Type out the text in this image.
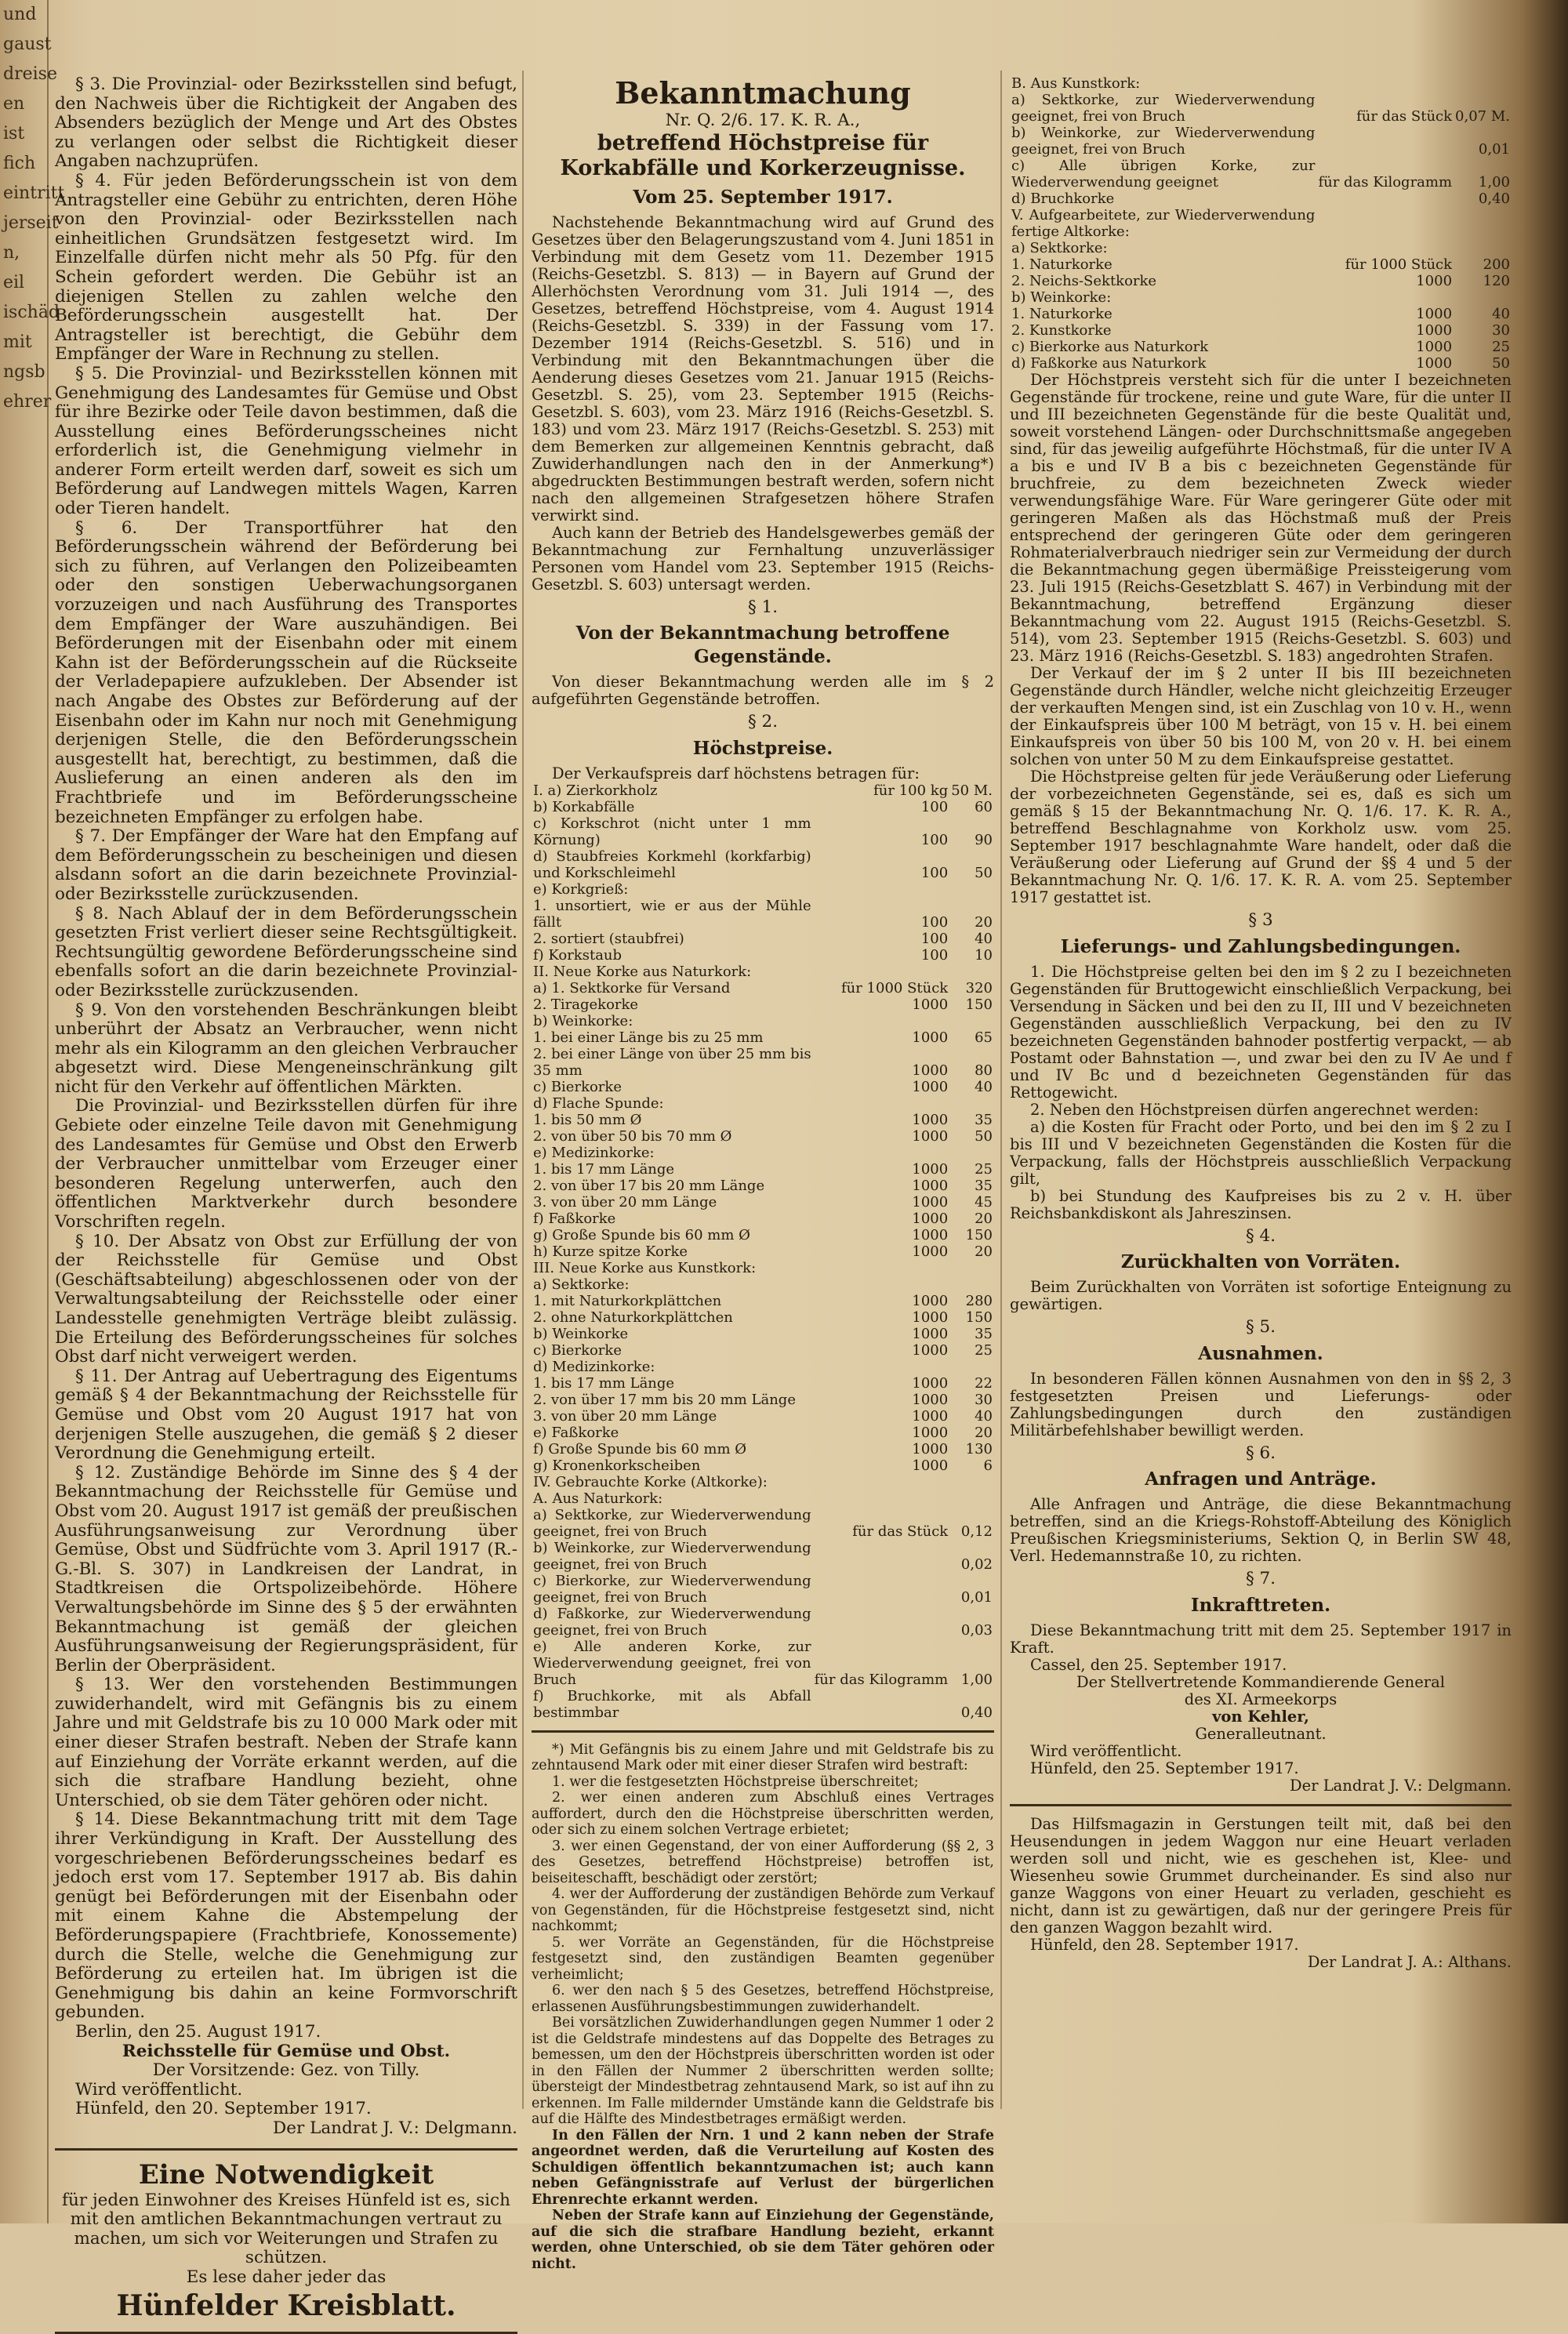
und
gaust
dreise
en ist
fich
eintritt
jerseit
n,
eil
ischäd
mit
ngsb
ehrer

§ 3. Die Provinzial- oder Bezirksstellen sind befugt, den Nachweis über die Richtigkeit der Angaben des Absenders bezüglich der Menge und Art des Obstes zu verlangen oder selbst die Richtigkeit dieser Angaben nachzuprüfen.

§ 4. Für jeden Beförderungsschein ist von dem Antragsteller eine Gebühr zu entrichten, deren Höhe von den Provinzial- oder Bezirksstellen nach einheitlichen Grundsätzen festgesetzt wird. Im Einzelfalle dürfen nicht mehr als 50 Pfg. für den Schein gefordert werden. Die Gebühr ist an diejenigen Stellen zu zahlen welche den Beförderungsschein ausgestellt hat. Der Antragsteller ist berechtigt, die Gebühr dem Empfänger der Ware in Rechnung zu stellen.

§ 5. Die Provinzial- und Bezirksstellen können mit Genehmigung des Landesamtes für Gemüse und Obst für ihre Bezirke oder Teile davon bestimmen, daß die Ausstellung eines Beförderungsscheines nicht erforderlich ist, die Genehmigung vielmehr in anderer Form erteilt werden darf, soweit es sich um Beförderung auf Landwegen mittels Wagen, Karren oder Tieren handelt.

§ 6. Der Transportführer hat den Beförderungsschein während der Beförderung bei sich zu führen, auf Verlangen den Polizeibeamten oder den sonstigen Ueberwachungsorganen vorzuzeigen und nach Ausführung des Transportes dem Empfänger der Ware auszuhändigen. Bei Beförderungen mit der Eisenbahn oder mit einem Kahn ist der Beförderungsschein auf die Rückseite der Verladepapiere aufzukleben. Der Absender ist nach Angabe des Obstes zur Beförderung auf der Eisenbahn oder im Kahn nur noch mit Genehmigung derjenigen Stelle, die den Beförderungsschein ausgestellt hat, berechtigt, zu bestimmen, daß die Auslieferung an einen anderen als den im Frachtbriefe und im Beförderungsscheine bezeichneten Empfänger zu erfolgen habe.

§ 7. Der Empfänger der Ware hat den Empfang auf dem Beförderungsschein zu bescheinigen und diesen alsdann sofort an die darin bezeichnete Provinzial- oder Bezirksstelle zurückzusenden.

§ 8. Nach Ablauf der in dem Beförderungsschein gesetzten Frist verliert dieser seine Rechtsgültigkeit. Rechtsungültig gewordene Beförderungsscheine sind ebenfalls sofort an die darin bezeichnete Provinzial- oder Bezirksstelle zurückzusenden.

§ 9. Von den vorstehenden Beschränkungen bleibt unberührt der Absatz an Verbraucher, wenn nicht mehr als ein Kilogramm an den gleichen Verbraucher abgesetzt wird. Diese Mengeneinschränkung gilt nicht für den Verkehr auf öffentlichen Märkten.

Die Provinzial- und Bezirksstellen dürfen für ihre Gebiete oder einzelne Teile davon mit Genehmigung des Landesamtes für Gemüse und Obst den Erwerb der Verbraucher unmittelbar vom Erzeuger einer besonderen Regelung unterwerfen, auch den öffentlichen Marktverkehr durch besondere Vorschriften regeln.

§ 10. Der Absatz von Obst zur Erfüllung der von der Reichsstelle für Gemüse und Obst (Geschäftsabteilung) abgeschlossenen oder von der Verwaltungsabteilung der Reichsstelle oder einer Landesstelle genehmigten Verträge bleibt zulässig. Die Erteilung des Beförderungsscheines für solches Obst darf nicht verweigert werden.

§ 11. Der Antrag auf Uebertragung des Eigentums gemäß § 4 der Bekanntmachung der Reichsstelle für Gemüse und Obst vom 20 August 1917 hat von derjenigen Stelle auszugehen, die gemäß § 2 dieser Verordnung die Genehmigung erteilt.

§ 12. Zuständige Behörde im Sinne des § 4 der Bekanntmachung der Reichsstelle für Gemüse und Obst vom 20. August 1917 ist gemäß der preußischen Ausführungsanweisung zur Verordnung über Gemüse, Obst und Südfrüchte vom 3. April 1917 (R.-G.-Bl. S. 307) in Landkreisen der Landrat, in Stadtkreisen die Ortspolizeibehörde. Höhere Verwaltungsbehörde im Sinne des § 5 der erwähnten Bekanntmachung ist gemäß der gleichen Ausführungsanweisung der Regierungspräsident, für Berlin der Oberpräsident.

§ 13. Wer den vorstehenden Bestimmungen zuwiderhandelt, wird mit Gefängnis bis zu einem Jahre und mit Geldstrafe bis zu 10 000 Mark oder mit einer dieser Strafen bestraft. Neben der Strafe kann auf Einziehung der Vorräte erkannt werden, auf die sich die strafbare Handlung bezieht, ohne Unterschied, ob sie dem Täter gehören oder nicht.

§ 14. Diese Bekanntmachung tritt mit dem Tage ihrer Verkündigung in Kraft. Der Ausstellung des vorgeschriebenen Beförderungsscheines bedarf es jedoch erst vom 17. September 1917 ab. Bis dahin genügt bei Beförderungen mit der Eisenbahn oder mit einem Kahne die Abstempelung der Beförderungspapiere (Frachtbriefe, Konossemente) durch die Stelle, welche die Genehmigung zur Beförderung zu erteilen hat. Im übrigen ist die Genehmigung bis dahin an keine Formvorschrift gebunden.

Berlin, den 25. August 1917.

Reichsstelle für Gemüse und Obst.

Der Vorsitzende: Gez. von Tilly.

Wird veröffentlicht.

Hünfeld, den 20. September 1917.

Der Landrat J. V.: Delgmann.

Eine Notwendigkeit

für jeden Einwohner des Kreises Hünfeld ist es, sich mit den amtlichen Bekanntmachungen vertraut zu machen, um sich vor Weiterungen und Strafen zu schützen.

Es lese daher jeder das

Hünfelder Kreisblatt.
Bekanntmachung

Nr. Q. 2/6. 17. K. R. A.,

betreffend Höchstpreise für Korkabfälle und Korkerzeugnisse.
Vom 25. September 1917.

Nachstehende Bekanntmachung wird auf Grund des Gesetzes über den Belagerungszustand vom 4. Juni 1851 in Verbindung mit dem Gesetz vom 11. Dezember 1915 (Reichs-Gesetzbl. S. 813) — in Bayern auf Grund der Allerhöchsten Verordnung vom 31. Juli 1914 —, des Gesetzes, betreffend Höchstpreise, vom 4. August 1914 (Reichs-Gesetzbl. S. 339) in der Fassung vom 17. Dezember 1914 (Reichs-Gesetzbl. S. 516) und in Verbindung mit den Bekanntmachungen über die Aenderung dieses Gesetzes vom 21. Januar 1915 (Reichs-Gesetzbl. S. 25), vom 23. September 1915 (Reichs-Gesetzbl. S. 603), vom 23. März 1916 (Reichs-Gesetzbl. S. 183) und vom 23. März 1917 (Reichs-Gesetzbl. S. 253) mit dem Bemerken zur allgemeinen Kenntnis gebracht, daß Zuwiderhandlungen nach den in der Anmerkung*) abgedruckten Bestimmungen bestraft werden, sofern nicht nach den allgemeinen Strafgesetzen höhere Strafen verwirkt sind.

Auch kann der Betrieb des Handelsgewerbes gemäß der Bekanntmachung zur Fernhaltung unzuverlässiger Personen vom Handel vom 23. September 1915 (Reichs-Gesetzbl. S. 603) untersagt werden.

§ 1.

Von der Bekanntmachung betroffene Gegenstände.

Von dieser Bekanntmachung werden alle im § 2 aufgeführten Gegenstände betroffen.

§ 2.

Höchstpreise.

Der Verkaufspreis darf höchstens betragen für:

I. a) Zierkorkholz	für 100 kg	50 M.
b) Korkabfälle	100	60
c) Korkschrot (nicht unter 1 mm Körnung)	100	90
d) Staubfreies Korkmehl (korkfarbig) und Korkschleimehl	100	50
e) Korkgrieß:		
1. unsortiert, wie er aus der Mühle fällt	100	20
2. sortiert (staubfrei)	100	40
f) Korkstaub	100	10
II. Neue Korke aus Naturkork:		
a) 1. Sektkorke für Versand	für 1000 Stück	320
2. Tiragekorke	1000	150
b) Weinkorke:		
1. bei einer Länge bis zu 25 mm	1000	65
2. bei einer Länge von über 25 mm bis 35 mm	1000	80
c) Bierkorke	1000	40
d) Flache Spunde:		
1. bis 50 mm Ø	1000	35
2. von über 50 bis 70 mm Ø	1000	50
e) Medizinkorke:		
1. bis 17 mm Länge	1000	25
2. von über 17 bis 20 mm Länge	1000	35
3. von über 20 mm Länge	1000	45
f) Faßkorke	1000	20
g) Große Spunde bis 60 mm Ø	1000	150
h) Kurze spitze Korke	1000	20
III. Neue Korke aus Kunstkork:		
a) Sektkorke:		
1. mit Naturkorkplättchen	1000	280
2. ohne Naturkorkplättchen	1000	150
b) Weinkorke	1000	35
c) Bierkorke	1000	25
d) Medizinkorke:		
1. bis 17 mm Länge	1000	22
2. von über 17 mm bis 20 mm Länge	1000	30
3. von über 20 mm Länge	1000	40
e) Faßkorke	1000	20
f) Große Spunde bis 60 mm Ø	1000	130
g) Kronenkorkscheiben	1000	6
IV. Gebrauchte Korke (Altkorke):		
A. Aus Naturkork:		
a) Sektkorke, zur Wiederverwendung geeignet, frei von Bruch	für das Stück	0,12
b) Weinkorke, zur Wiederverwendung geeignet, frei von Bruch		0,02
c) Bierkorke, zur Wiederverwendung geeignet, frei von Bruch		0,01
d) Faßkorke, zur Wiederverwendung geeignet, frei von Bruch		0,03
e) Alle anderen Korke, zur Wiederverwendung geeignet, frei von Bruch	für das Kilogramm	1,00
f) Bruchkorke, mit als Abfall bestimmbar		0,40

*) Mit Gefängnis bis zu einem Jahre und mit Geldstrafe bis zu zehntausend Mark oder mit einer dieser Strafen wird bestraft:

1. wer die festgesetzten Höchstpreise überschreitet;

2. wer einen anderen zum Abschluß eines Vertrages auffordert, durch den die Höchstpreise überschritten werden, oder sich zu einem solchen Vertrage erbietet;

3. wer einen Gegenstand, der von einer Aufforderung (§§ 2, 3 des Gesetzes, betreffend Höchstpreise) betroffen ist, beiseiteschafft, beschädigt oder zerstört;

4. wer der Aufforderung der zuständigen Behörde zum Verkauf von Gegenständen, für die Höchstpreise festgesetzt sind, nicht nachkommt;

5. wer Vorräte an Gegenständen, für die Höchstpreise festgesetzt sind, den zuständigen Beamten gegenüber verheimlicht;

6. wer den nach § 5 des Gesetzes, betreffend Höchstpreise, erlassenen Ausführungsbestimmungen zuwiderhandelt.

Bei vorsätzlichen Zuwiderhandlungen gegen Nummer 1 oder 2 ist die Geldstrafe mindestens auf das Doppelte des Betrages zu bemessen, um den der Höchstpreis überschritten worden ist oder in den Fällen der Nummer 2 überschritten werden sollte; übersteigt der Mindestbetrag zehntausend Mark, so ist auf ihn zu erkennen. Im Falle mildernder Umstände kann die Geldstrafe bis auf die Hälfte des Mindestbetrages ermäßigt werden.

In den Fällen der Nrn. 1 und 2 kann neben der Strafe angeordnet werden, daß die Verurteilung auf Kosten des Schuldigen öffentlich bekanntzumachen ist; auch kann neben Gefängnisstrafe auf Verlust der bürgerlichen Ehrenrechte erkannt werden.

Neben der Strafe kann auf Einziehung der Gegenstände, auf die sich die strafbare Handlung bezieht, erkannt werden, ohne Unterschied, ob sie dem Täter gehören oder nicht.

B. Aus Kunstkork:		
a) Sektkorke, zur Wiederverwendung geeignet, frei von Bruch	für das Stück	0,07 M.
b) Weinkorke, zur Wiederverwendung geeignet, frei von Bruch		0,01
c) Alle übrigen Korke, zur Wiederverwendung geeignet	für das Kilogramm	1,00
d) Bruchkorke		0,40
V. Aufgearbeitete, zur Wiederverwendung fertige Altkorke:		
a) Sektkorke:		
1. Naturkorke	für 1000 Stück	200
2. Neichs-Sektkorke	1000	120
b) Weinkorke:		
1. Naturkorke	1000	40
2. Kunstkorke	1000	30
c) Bierkorke aus Naturkork	1000	25
d) Faßkorke aus Naturkork	1000	50

Der Höchstpreis versteht sich für die unter I bezeichneten Gegenstände für trockene, reine und gute Ware, für die unter II und III bezeichneten Gegenstände für die beste Qualität und, soweit vorstehend Längen- oder Durchschnittsmaße angegeben sind, für das jeweilig aufgeführte Höchstmaß, für die unter IV A a bis e und IV B a bis c bezeichneten Gegenstände für bruchfreie, zu dem bezeichneten Zweck wieder verwendungsfähige Ware. Für Ware geringerer Güte oder mit geringeren Maßen als das Höchstmaß muß der Preis entsprechend der geringeren Güte oder dem geringeren Rohmaterialverbrauch niedriger sein zur Vermeidung der durch die Bekanntmachung gegen übermäßige Preissteigerung vom 23. Juli 1915 (Reichs-Gesetzblatt S. 467) in Verbindung mit der Bekanntmachung, betreffend Ergänzung dieser Bekanntmachung vom 22. August 1915 (Reichs-Gesetzbl. S. 514), vom 23. September 1915 (Reichs-Gesetzbl. S. 603) und 23. März 1916 (Reichs-Gesetzbl. S. 183) angedrohten Strafen.

Der Verkauf der im § 2 unter II bis III bezeichneten Gegenstände durch Händler, welche nicht gleichzeitig Erzeuger der verkauften Mengen sind, ist ein Zuschlag von 10 v. H., wenn der Einkaufspreis über 100 M beträgt, von 15 v. H. bei einem Einkaufspreis von über 50 bis 100 M, von 20 v. H. bei einem solchen von unter 50 M zu dem Einkaufspreise gestattet.

Die Höchstpreise gelten für jede Veräußerung oder Lieferung der vorbezeichneten Gegenstände, sei es, daß es sich um gemäß § 15 der Bekanntmachung Nr. Q. 1/6. 17. K. R. A., betreffend Beschlagnahme von Korkholz usw. vom 25. September 1917 beschlagnahmte Ware handelt, oder daß die Veräußerung oder Lieferung auf Grund der §§ 4 und 5 der Bekanntmachung Nr. Q. 1/6. 17. K. R. A. vom 25. September 1917 gestattet ist.

§ 3

Lieferungs- und Zahlungsbedingungen.

1. Die Höchstpreise gelten bei den im § 2 zu I bezeichneten Gegenständen für Bruttogewicht einschließlich Verpackung, bei Versendung in Säcken und bei den zu II, III und V bezeichneten Gegenständen ausschließlich Verpackung, bei den zu IV bezeichneten Gegenständen bahnoder postfertig verpackt, — ab Postamt oder Bahnstation —, und zwar bei den zu IV Ae und f und IV Bc und d bezeichneten Gegenständen für das Rettogewicht.

2. Neben den Höchstpreisen dürfen angerechnet werden:

a) die Kosten für Fracht oder Porto, und bei den im § 2 zu I bis III und V bezeichneten Gegenständen die Kosten für die Verpackung, falls der Höchstpreis ausschließlich Verpackung gilt,

b) bei Stundung des Kaufpreises bis zu 2 v. H. über Reichsbankdiskont als Jahreszinsen.

§ 4.

Zurückhalten von Vorräten.

Beim Zurückhalten von Vorräten ist sofortige Enteignung zu gewärtigen.

§ 5.

Ausnahmen.

In besonderen Fällen können Ausnahmen von den in §§ 2, 3 festgesetzten Preisen und Lieferungs- oder Zahlungsbedingungen durch den zuständigen Militärbefehlshaber bewilligt werden.

§ 6.

Anfragen und Anträge.

Alle Anfragen und Anträge, die diese Bekanntmachung betreffen, sind an die Kriegs-Rohstoff-Abteilung des Königlich Preußischen Kriegsministeriums, Sektion Q, in Berlin SW 48, Verl. Hedemannstraße 10, zu richten.

§ 7.

Inkrafttreten.

Diese Bekanntmachung tritt mit dem 25. September 1917 in Kraft.

Cassel, den 25. September 1917.

Der Stellvertretende Kommandierende General

des XI. Armeekorps

von Kehler,

Generalleutnant.

Wird veröffentlicht.

Hünfeld, den 25. September 1917.

Der Landrat J. V.: Delgmann.

Das Hilfsmagazin in Gerstungen teilt mit, daß bei den Heusendungen in jedem Waggon nur eine Heuart verladen werden soll und nicht, wie es geschehen ist, Klee- und Wiesenheu sowie Grummet durcheinander. Es sind also nur ganze Waggons von einer Heuart zu verladen, geschieht es nicht, dann ist zu gewärtigen, daß nur der geringere Preis für den ganzen Waggon bezahlt wird.

Hünfeld, den 28. September 1917.

Der Landrat J. A.: Althans.
